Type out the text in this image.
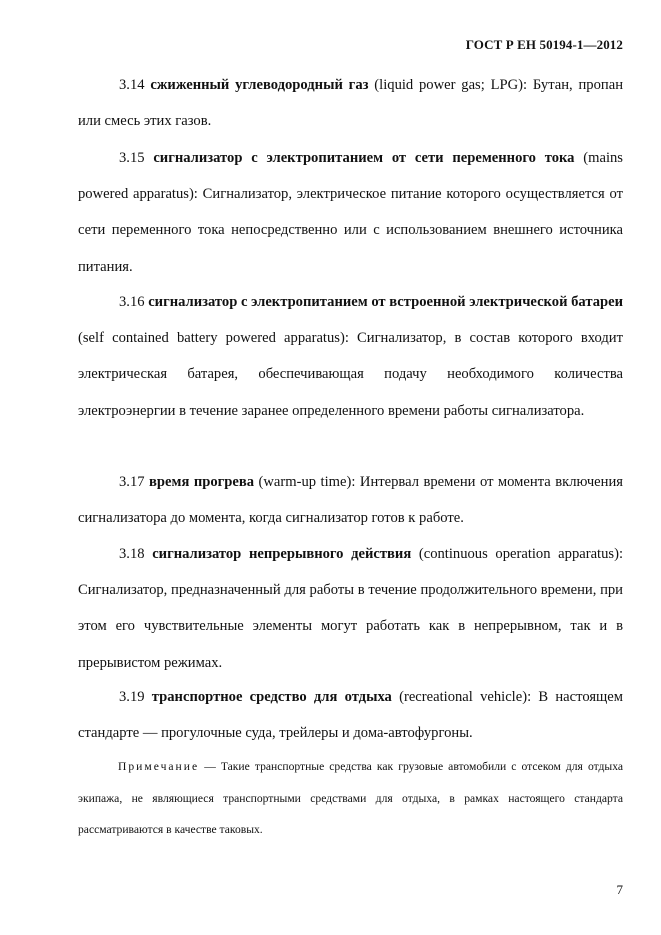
ГОСТ Р ЕН 50194-1—2012

3.14 сжиженный углеводородный газ (liquid power gas; LPG): Бутан, пропан или смесь этих газов.

3.15 сигнализатор с электропитанием от сети переменного тока (mains powered apparatus): Сигнализатор, электрическое питание которого осуществляется от сети переменного тока непосредственно или с использованием внешнего источника питания.

3.16 сигнализатор с электропитанием от встроенной электрической батареи (self contained battery powered apparatus): Сигнализатор, в состав которого входит электрическая батарея, обеспечивающая подачу необходимого количества электроэнергии в течение заранее определенного времени работы сигнализатора.

3.17 время прогрева (warm-up time): Интервал времени от момента включения сигнализатора до момента, когда сигнализатор готов к работе.

3.18 сигнализатор непрерывного действия (continuous operation apparatus): Сигнализатор, предназначенный для работы в течение продолжительного времени, при этом его чувствительные элементы могут работать как в непрерывном, так и в прерывистом режимах.

3.19 транспортное средство для отдыха (recreational vehicle): В настоящем стандарте — прогулочные суда, трейлеры и дома-автофургоны.

Примечание — Такие транспортные средства как грузовые автомобили с отсеком для отдыха экипажа, не являющиеся транспортными средствами для отдыха, в рамках настоящего стандарта рассматриваются в качестве таковых.

7
